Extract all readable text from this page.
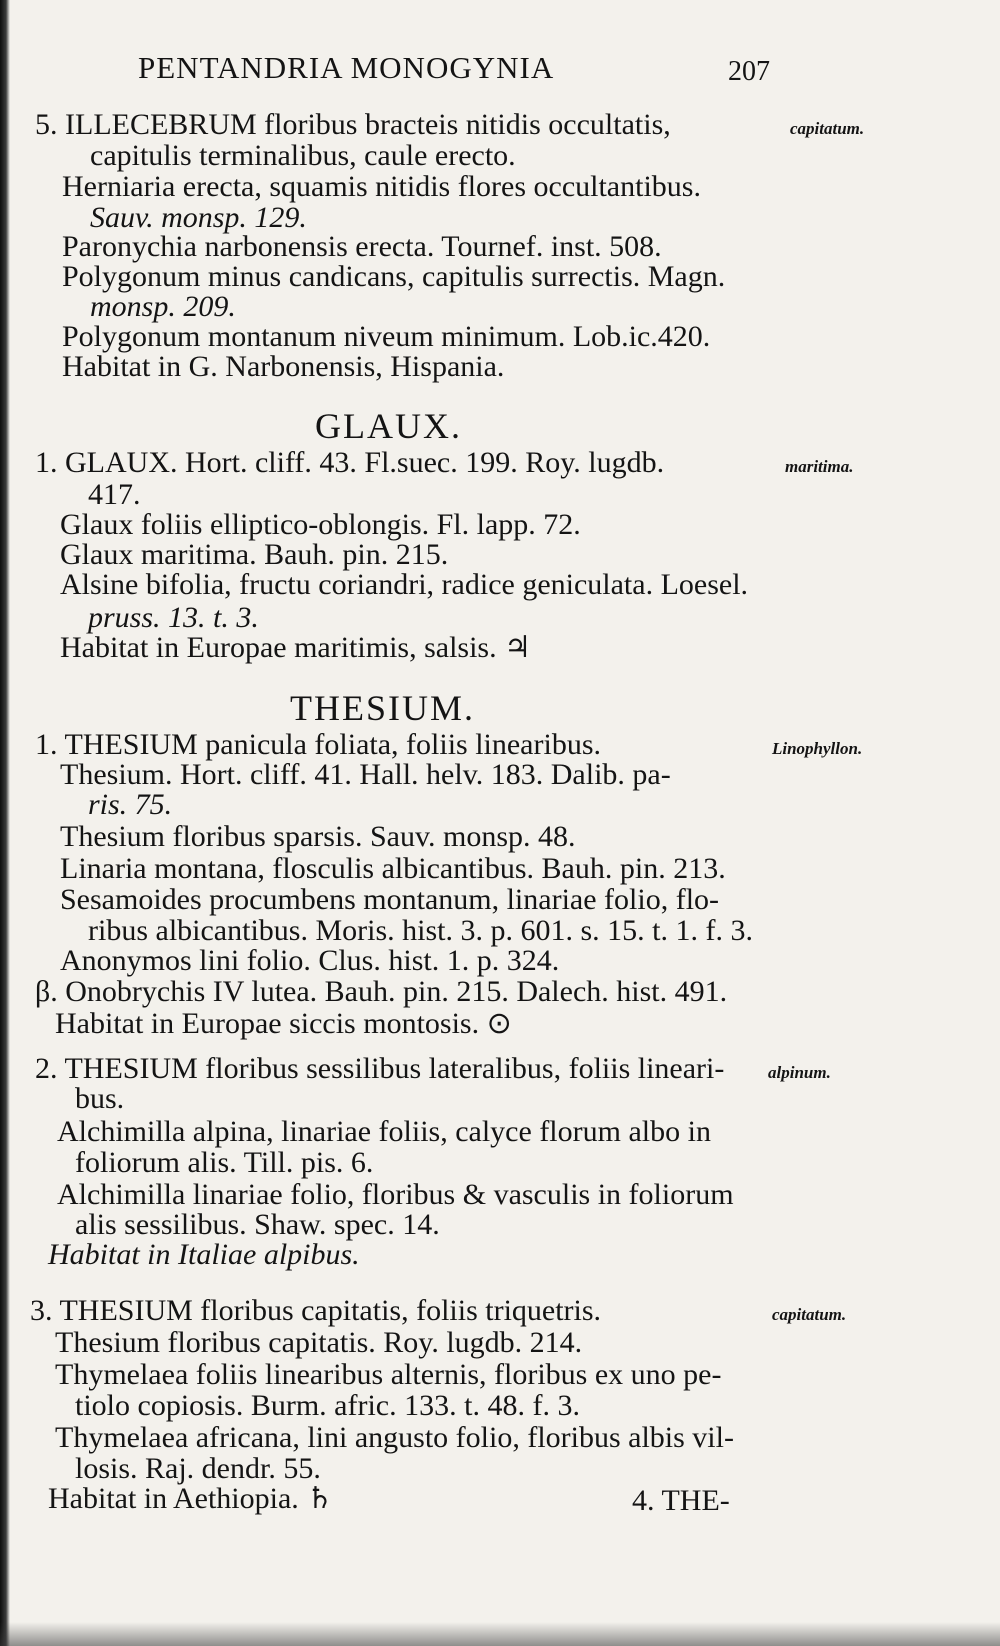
PENTANDRIA MONOGYNIA	207
5. ILLECEBRUM floribus bracteis nitidis occultatis,	capitatum.
capitulis terminalibus, caule erecto.
Herniaria erecta, squamis nitidis flores occultantibus.
Sauv. monsp. 129.
Paronychia narbonensis erecta. Tournef. inst. 508.
Polygonum minus candicans, capitulis surrectis. Magn.
monsp. 209.
Polygonum montanum niveum minimum. Lob.ic.420.
Habitat in G. Narbonensis, Hispania.
GLAUX.
1. GLAUX. Hort. cliff. 43. Fl.suec. 199. Roy. lugdb.	maritima.
417.
Glaux foliis elliptico-oblongis. Fl. lapp. 72.
Glaux maritima. Bauh. pin. 215.
Alsine bifolia, fructu coriandri, radice geniculata. Loesel.
pruss. 13. t. 3.
Habitat in Europae maritimis, salsis. ♃
THESIUM.
1. THESIUM panicula foliata, foliis linearibus.	Linophyllon.
Thesium. Hort. cliff. 41. Hall. helv. 183. Dalib. pa-
ris. 75.
Thesium floribus sparsis. Sauv. monsp. 48.
Linaria montana, flosculis albicantibus. Bauh. pin. 213.
Sesamoides procumbens montanum, linariae folio, flo-
ribus albicantibus. Moris. hist. 3. p. 601. s. 15. t. 1. f. 3.
Anonymos lini folio. Clus. hist. 1. p. 324.
β. Onobrychis IV lutea. Bauh. pin. 215. Dalech. hist. 491.
Habitat in Europae siccis montosis. ⊙
2. THESIUM floribus sessilibus lateralibus, foliis lineari-	alpinum.
bus.
Alchimilla alpina, linariae foliis, calyce florum albo in
foliorum alis. Till. pis. 6.
Alchimilla linariae folio, floribus & vasculis in foliorum
alis sessilibus. Shaw. spec. 14.
Habitat in Italiae alpibus.
3. THESIUM floribus capitatis, foliis triquetris.	capitatum.
Thesium floribus capitatis. Roy. lugdb. 214.
Thymelaea foliis linearibus alternis, floribus ex uno pe-
tiolo copiosis. Burm. afric. 133. t. 48. f. 3.
Thymelaea africana, lini angusto folio, floribus albis vil-
losis. Raj. dendr. 55.
Habitat in Aethiopia. ♄	4. THE-
